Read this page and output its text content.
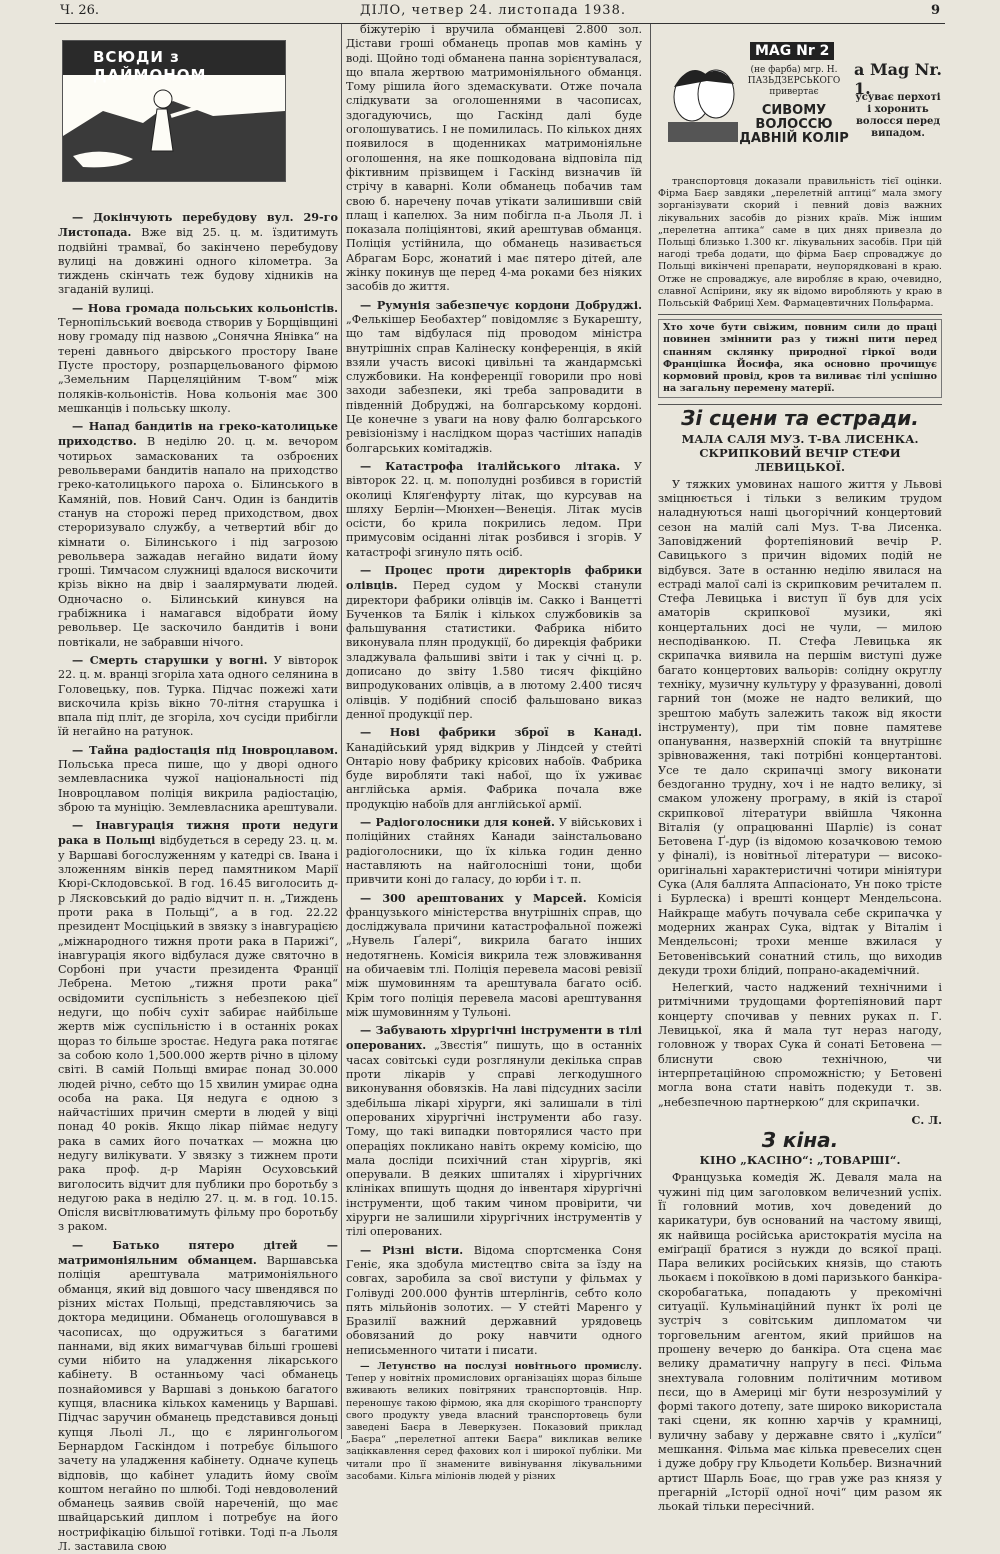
Ч. 26.	ДІЛО, четвер 24. листопада 1938.	9
ВСЮДИ з ДАЙМОНОМ
MAG Nr 2
(не фарба) мгр. Н. ПАЗЬДЗЕРСЬКОГО привертає
СИВОМУ ВОЛОССЮ ДАВНІЙ КОЛІР
а Mag Nr. 1.
усуває перхоті і хоронить волосся перед випадом.

— Докінчують перебудову вул. 29-го Листопада. Вже від 25. ц. м. їздитимуть подвійні трамваї, бо закінчено перебудову вулиці на довжині одного кілометра. За тиждень скінчать теж будову хідників на згаданій вулиці.

— Нова громада польських кольоністів. Тернопільський воєвода створив у Борщівщині нову громаду під назвою „Сонячна Янівка“ на терені давнього двірського простору Іване Пусте простору, розпарцельованого фірмою „Земельним Парцеляційним Т-вом“ між поляків-кольоністів. Нова кольонія має 300 мешканців і польську школу.

— Напад бандитів на греко-католицьке приходство. В неділю 20. ц. м. вечором чотирьох замаскованих та озброєних револьверами бандитів напало на приходство греко-католицького пароха о. Білинського в Камяній, пов. Новий Санч. Один із бандитів станув на сторожі перед приходством, двох стероризувало службу, а четвертий вбіг до кімнати о. Білинського і під загрозою револьвера зажадав негайно видати йому гроші. Тимчасом служниці вдалося вискочити крізь вікно на двір і заалярмувати людей. Одночасно о. Білинський кинувся на грабіжника і намагався відобрати йому револьвер. Це заскочило бандитів і вони повтікали, не забравши нічого.

— Смерть старушки у вогні. У вівторок 22. ц. м. вранці згоріла хата одного селянина в Головецьку, пов. Турка. Підчас пожежі хати вискочила крізь вікно 70-літня старушка і впала під пліт, де згоріла, хоч сусіди прибігли їй негайно на ратунок.

— Тайна радіостація під Іновроцлавом. Польська преса пише, що у дворі одного землевласника чужої національності під Іновроцлавом поліція викрила радіостацію, зброю та муніцію. Землевласника арештували.

— Інавгурація тижня проти недуги рака в Польщі відбудеться в середу 23. ц. м. у Варшаві богослуженням у катедрі св. Івана і зложенням вінків перед памятником Марії Кюрі-Склодовської. В год. 16.45 виголосить д-р Лясковський до радіо відчит п. н. „Тиждень проти рака в Польщі“, а в год. 22.22 президент Мосціцький в звязку з інавгурацією „міжнародного тижня проти рака в Парижі“, інавгурація якого відбулася дуже святочно в Сорбоні при участи президента Франції Лебрена. Метою „тижня проти рака“ освідомити суспільність з небезпекою цієї недуги, що побіч сухіт забирає найбільше жертв між суспільністю і в останніх роках щораз то більше зростає. Недуга рака потягає за собою коло 1,500.000 жертв річно в цілому світі. В самій Польщі вмирає понад 30.000 людей річно, себто що 15 хвилин умирає одна особа на рака. Ця недуга є одною з найчастіших причин смерти в людей у віці понад 40 років. Якщо лікар піймає недугу рака в самих його початках — можна цю недугу вилікувати. У звязку з тижнем проти рака проф. д-р Маріян Осуховський виголосить відчит для публики про боротьбу з недугою рака в неділю 27. ц. м. в год. 10.15. Опісля висвітлюватимуть фільму про боротьбу з раком.

— Батько пятеро дітей — матримоніяльним обманцем. Варшавська поліція арештувала матримоніяльного обманця, який від довшого часу швендявся по різних містах Польщі, представляючись за доктора медицини. Обманець оголошувався в часописах, що одружиться з багатими паннами, від яких вимагчував більші грошеві суми нібито на уладження лікарського кабінету. В останньому часі обманець познайомився у Варшаві з донькою багатого купця, власника кількох камениць у Варшаві. Підчас заручин обманець представився доньці купця Льолі Л., що є лярингольогом Бернардом Гаскіндом і потребує більшого зачету на уладження кабінету. Одначе купець відповів, що кабінет уладить йому своїм коштом негайно по шлюбі. Тоді невдоволений обманець заявив своїй нареченій, що має швайцарський диплом і потребує на його нострифікацію більшої готівки. Тоді п-а Льоля Л. заставила свою

біжутерію і вручила обманцеві 2.800 зол. Дістави гроші обманець пропав мов камінь у воді. Щойно тоді обманена панна зорієнтувалася, що впала жертвою матримоніяльного обманця. Тому рішила його здемаскувати. Отже почала слідкувати за оголошеннями в часописах, здогадуючись, що Гаскінд далі буде оголошуватись. І не помилилась. По кількох днях появилося в щоденниках матримоніяльне оголошення, на яке пошкодована відповіла під фіктивним прізвищем і Гаскінд визначив їй стрічу в каварні. Коли обманець побачив там свою б. наречену почав утікати залишивши свій плащ і капелюх. За ним побігла п-а Льоля Л. і показала поліціянтові, який арештував обманця. Поліція устійнила, що обманець називається Абрагам Борс, жонатий і має пятеро дітей, але жінку покинув ще перед 4-ма роками без ніяких засобів до життя.

— Румунія забезпечує кордони Добруджі. „Фелькішер Беобахтер“ повідомляє з Букарешту, що там відбулася під проводом міністра внутрішніх справ Калінеску конференція, в якій взяли участь високі цивільні та жандармські службовики. На конференції говорили про нові заходи забезпеки, які треба запровадити в південній Добруджі, на болгарському кордоні. Це конечне з уваги на нову фалю болгарського ревізіонізму і наслідком щораз частіших нападів болгарських комітаджів.

— Катастрофа італійського літака. У вівторок 22. ц. м. пополудні розбився в гористій околиці Кляґенфурту літак, що курсував на шляху Берлін—Мюнхен—Венеція. Літак мусів осісти, бо крила покрились ледом. При примусовім осіданні літак розбився і згорів. У катастрофі згинуло пять осіб.

— Процес проти директорів фабрики олівців. Перед судом у Москві станули директори фабрики олівців ім. Сакко і Ванцетті Бученков та Бялік і кількох службовиків за фальшування статистики. Фабрика нібито виконувала плян продукції, бо дирекція фабрики зладжувала фальшиві звіти і так у січні ц. р. дописано до звіту 1.580 тисяч фікційно випродукованих олівців, а в лютому 2.400 тисяч олівців. У подібний спосіб фальшовано виказ денної продукції пер.

— Нові фабрики зброї в Канаді. Канадійський уряд відкрив у Ліндсей у стейті Онтаріо нову фабрику крісових набоїв. Фабрика буде виробляти такі набої, що їх уживає англійська армія. Фабрика почала вже продукцію набоїв для англійської армії.

— Радіоголосники для коней. У військових і поліційних стайнях Канади заінстальовано радіоголосники, що їх кілька годин денно наставляють на найголосніші тони, щоби привчити коні до галасу, до юрби і т. п.

— 300 арештованих у Марсей. Комісія французького міністерства внутрішніх справ, що досліджувала причини катастрофальної пожежі „Нувель Ґалері“, викрила багато інших недотягнень. Комісія викрила теж зловживання на обичаевім тлі. Поліція перевела масові ревізії між шумовинням та арештувала багато осіб. Крім того поліція перевела масові арештування між шумовинням у Тульоні.

— Забувають хірургічні інструменти в тілі оперованих. „Звєстія“ пишуть, що в останніх часах совітські суди розглянули декілька справ проти лікарів у справі легкодушного виконування обовязків. На лаві підсудних засіли здебільша лікарі хірурги, які залишали в тілі оперованих хірургічні інструменти або газу. Тому, що такі випадки повторялися часто при операціях покликано навіть окрему комісію, що мала досліди психічний стан хірургів, які оперували. В деяких шпиталях і хірургічних клініках впишуть щодня до інвентаря хірургічні інструменти, щоб таким чином провірити, чи хірурги не залишили хірургічних інструментів у тілі оперованих.

— Різні вісти. Відома спортсменка Соня Геніє, яка здобула мистецтво світа за їзду на совгах, заробила за свої виступи у фільмах у Голівуді 200.000 фунтів штерлінгів, себто коло пять мільйонів золотих. — У стейті Маренго у Бразилії важний державний урядовець обовязаний до року навчити одного неписьменного читати і писати.

— Летунство на послузі новітнього промислу. Тепер у новітніх промислових організаціях щораз більше вживають великих повітряних транспортовців. Нпр. переношує такою фірмою, яка для скорішого транспорту свого продукту уведа власний транспортовець були заведені Баєра в Леверкузен. Показовий приклад „Баєра“ „перелетної аптеки Баєра“ викликав велике заціккавлення серед фахових кол і широкої публіки. Ми читали про її знамените вивінування лікувальними засобами. Кільга міліонів людей у різних

транспортовця доказали правильність тієї оцінки. Фірма Баєр завдяки „перелетній аптиці“ мала змогу зорганізувати скорий і певний довіз важних лікувальних засобів до різних країв. Між іншим „перелетна аптика“ саме в цих днях привезла до Польщі близько 1.300 кг. лікувальних засобів. При цій нагоді треба додати, що фірма Баєр спроваджує до Польщі викінчені препарати, неупорядковані в краю. Отже не спроваджує, але виробляє в краю, очевидно, славної Аспірини, яку як відомо виробляють у краю в Польській Фабриці Хем. Фармацевтичних Польфарма.

Хто хоче бути свіжим, повним сили до праці повинен зміннити раз у тижні пити перед спанням склянку природної гіркої води Францішка Йосифа, яка основно прочищує кормовий провід, кров та виливає тілі успішно на загальну перемену матерії.
Зі сцени та естради.
МАЛА САЛЯ МУЗ. Т-ВА ЛИСЕНКА. СКРИПКОВИЙ ВЕЧІР СТЕФИ ЛЕВИЦЬКОЇ.

У тяжких умовинах нашого життя у Львові зміцнюється і тільки з великим трудом наладнуються наші цьогорічний концертовий сезон на малій салі Муз. Т-ва Лисенка. Заповіджений фортепіяновий вечір Р. Савицького з причин відомих подій не відбувся. Зате в останню неділю явилася на естраді малої салі із скрипковим речиталем п. Стефа Левицька і виступ її був для усіх аматорів скрипкової музики, які концертальних досі не чули, — милою несподіванкою. П. Стефа Левицька як скрипачка виявила на першім виступі дуже багато концертових вальорів: солідну округлу техніку, музичну культуру у фразуванні, доволі гарний тон (може не надто великий, що зрештою мабуть залежить також від якости інструменту), при тім повне памятеве опанування, назверхній спокій та внутрішнє зрівноваження, такі потрібні концертантові. Усе те дало скрипачці змогу виконати бездоганно трудну, хоч і не надто велику, зі смаком уложену програму, в якій із старої скрипкової літератури ввійшла Чяконна Віталія (у опрацюванні Шарліє) із сонат Бетовена Ґ-дур (із відомою козачковою темою у фіналі), із новітньої літератури — високо-оригінальні характеристичні чотири мініятури Сука (Аля баллята Аппасіонато, Ун поко трісте і Бурлеска) і врешті концерт Мендельсона. Найкраще мабуть почувала себе скрипачка у модерних жанрах Сука, відтак у Віталім і Мендельсоні; трохи менше вжилася у Бетовенівський сонатний стиль, що виходив декуди трохи блідий, попрано-академічний.

Нелегкий, часто наджений технічними і ритмічними трудощами фортепіяновий парт концерту спочивав у певних руках п. Г. Левицької, яка й мала тут нераз нагоду, головнож у творах Сука й сонаті Бетовена — блиснути свою технічною, чи інтерпретаційною спроможністю; у Бетовені могла вона стати навіть подекуди т. зв. „небезпечною партнеркою“ для скрипачки.

С. Л.
З кіна.
КІНО „КАСІНО“: „ТОВАРШІ“.

Французька комедія Ж. Деваля мала на чужині під цим заголовком величезний успіх. Її головний мотив, хоч доведений до карикатури, був оснований на частому явищі, як найвища російська аристократія мусіла на еміґрації братися з нужди до всякої праці. Пара великих російських князів, що стають льокаєм і покоївкою в домі паризького банкіра-скоробагатька, попадають у прекомічні ситуації. Кульмінаційний пункт їх ролі це зустріч з совітським дипломатом чи торговельним агентом, який прийшов на прошену вечерю до банкіра. Ота сцена має велику драматичну напругу в пєсі. Фільма знехтувала головним політичним мотивом пєси, що в Америці міг бути незрозумілий у формі такого дотепу, зате широко використала такі сцени, як копню харчів у крамниці, вуличну забаву у державне свято і „кулїси“ мешкання. Фільма має кілька превеселих сцен і дуже добру гру Кльодети Кольбер. Визначний артист Шарль Боає, що грав уже раз князя у прегарній „Історії одної ночі“ цим разом як льокай тільки пересічний.
